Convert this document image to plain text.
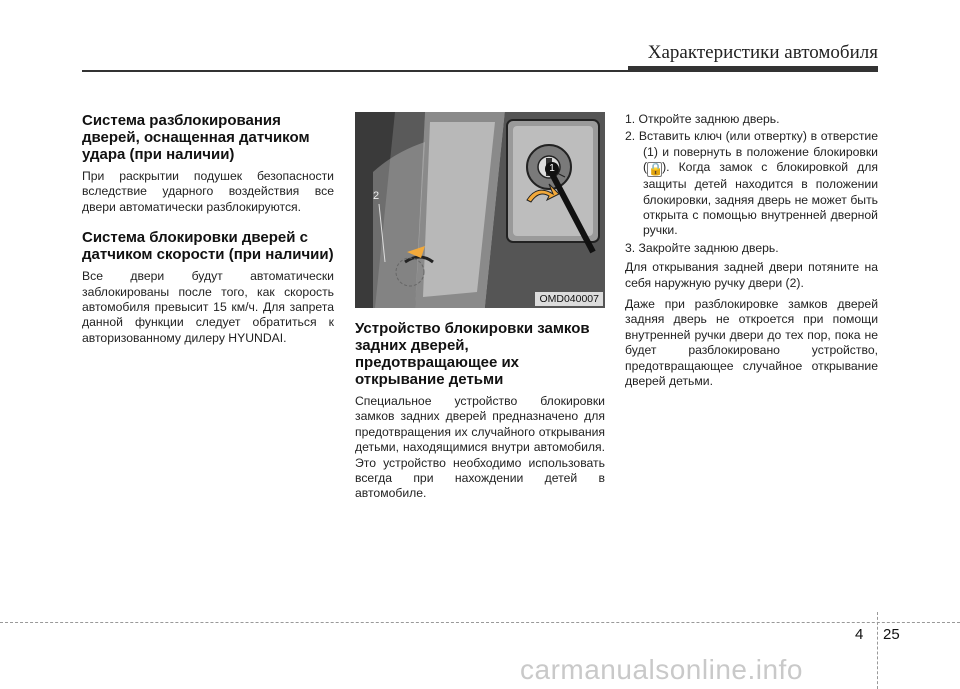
Характеристики автомобиля
Система разблокирования дверей, оснащенная датчиком удара (при наличии)

При раскрытии подушек безопасности вследствие ударного воздействия все двери автоматически разблокируются.

Система блокировки дверей с датчиком скорости (при наличии)

Все двери будут автоматически заблокированы после того, как скорость автомобиля превысит 15 км/ч. Для запрета данной функции следует обратиться к авторизованному дилеру HYUNDAI.

2
1
OMD040007
Устройство блокировки замков задних дверей, предотвращающее их открывание детьми

Специальное устройство блокировки замков задних дверей предназначено для предотвращения их случайного открывания детьми, находящимися внутри автомобиля. Это устройство необходимо использовать всегда при нахождении детей в автомобиле.

1. Откройте заднюю дверь.
2. Вставить ключ (или отвертку) в отверстие (1) и повернуть в положение блокировки (🔒). Когда замок с блокировкой для защиты детей находится в положении блокировки, задняя дверь не может быть открыта с помощью внутренней дверной ручки.
3. Закройте заднюю дверь.

Для открывания задней двери потяните на себя наружную ручку двери (2).

Даже при разблокировке замков дверей задняя дверь не откроется при помощи внутренней ручки двери до тех пор, пока не будет разблокировано устройство, предотвращающее случайное открывание дверей детьми.

4 25
carmanualsonline.info
